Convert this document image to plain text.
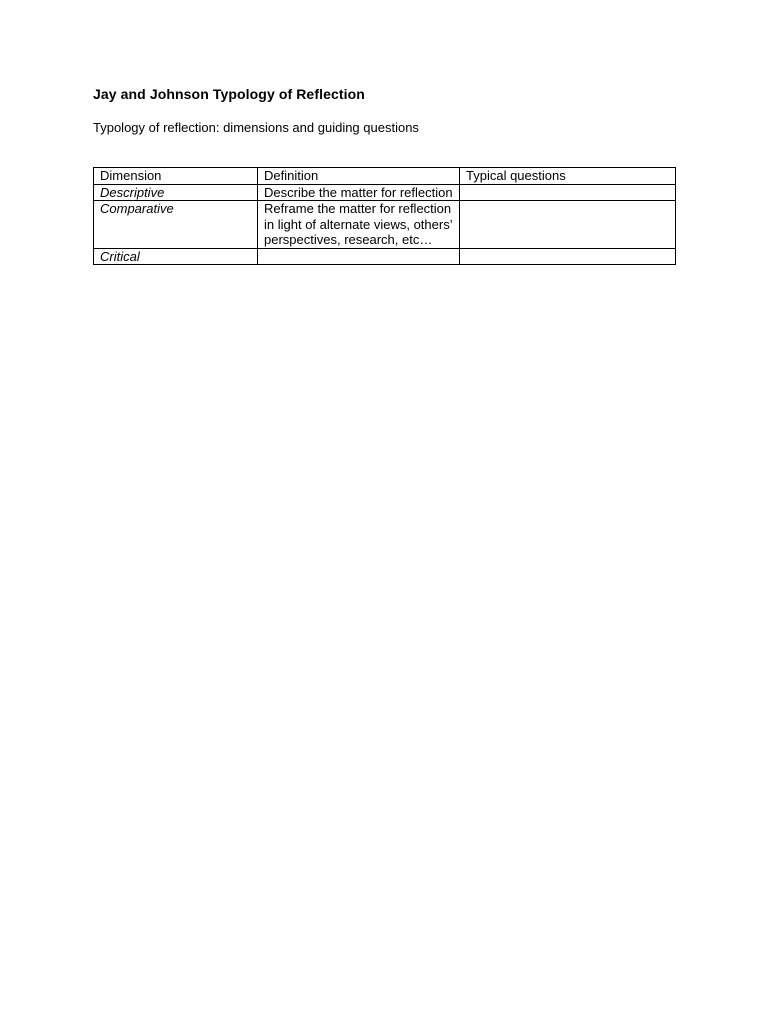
Jay and Johnson Typology of Reflection
Typology of reflection: dimensions and guiding questions
Dimension	Definition	Typical questions
Descriptive	Describe the matter for reflection	
Comparative	Reframe the matter for reflection in light of alternate views, others’ perspectives, research, etc…	
Critical		
